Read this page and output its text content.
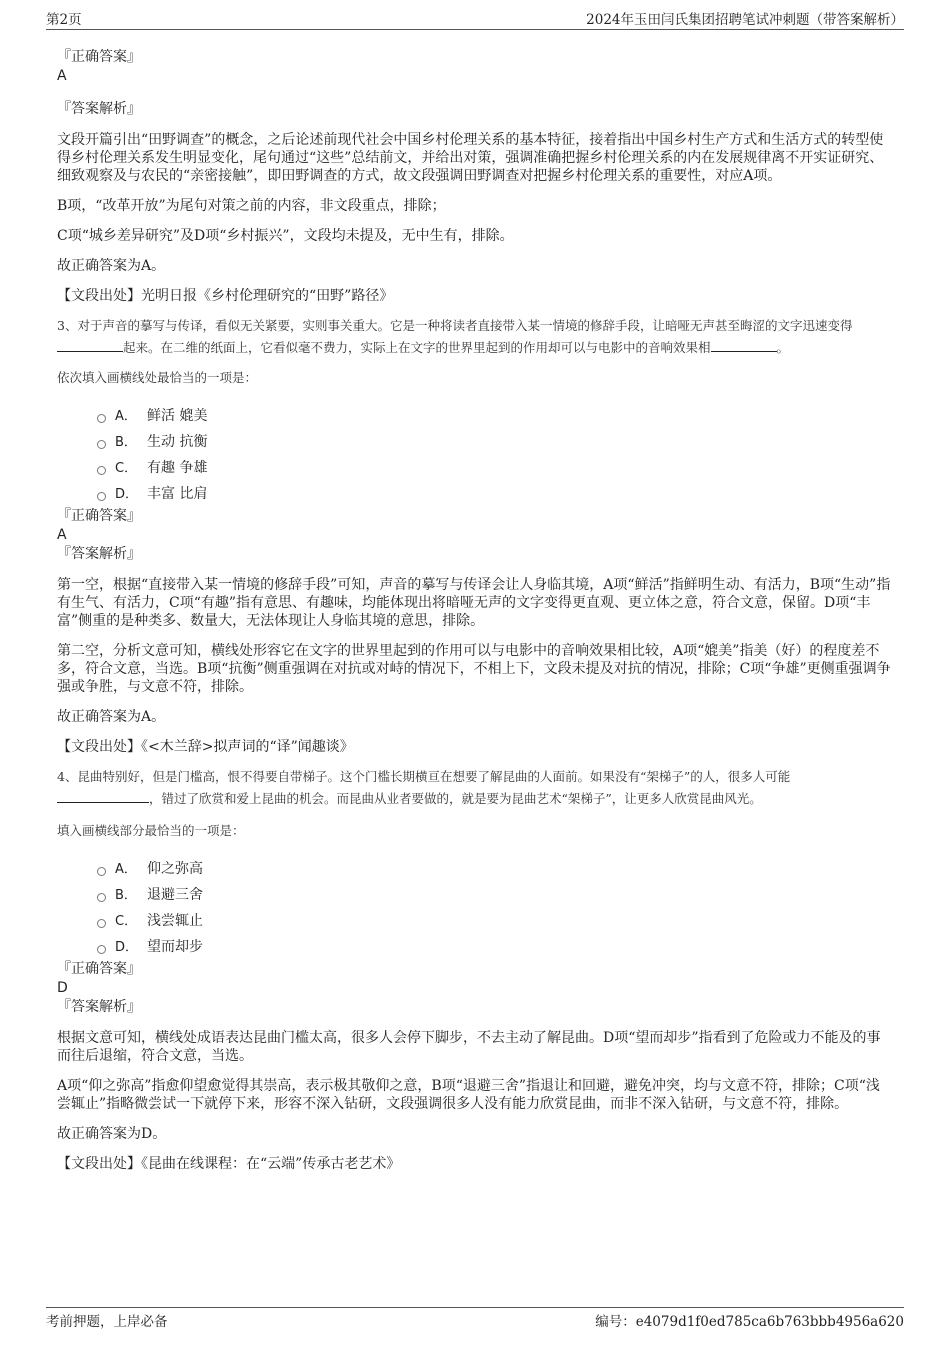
第2页	2024年玉田闫氏集团招聘笔试冲刺题（带答案解析）
『正确答案』
A
『答案解析』

文段开篇引出“田野调查”的概念，之后论述前现代社会中国乡村伦理关系的基本特征，接着指出中国乡村生产方式和生活方式的转型使得乡村伦理关系发生明显变化，尾句通过“这些”总结前文，并给出对策，强调准确把握乡村伦理关系的内在发展规律离不开实证研究、细致观察及与农民的“亲密接触”，即田野调查的方式，故文段强调田野调查对把握乡村伦理关系的重要性，对应A项。

B项，“改革开放”为尾句对策之前的内容，非文段重点，排除；

C项“城乡差异研究”及D项“乡村振兴”，文段均未提及，无中生有，排除。

故正确答案为A。

【文段出处】光明日报《乡村伦理研究的“田野”路径》

3、对于声音的摹写与传译，看似无关紧要，实则事关重大。它是一种将读者直接带入某一情境的修辞手段，让暗哑无声甚至晦涩的文字迅速变得起来。在二维的纸面上，它看似毫不费力，实际上在文字的世界里起到的作用却可以与电影中的音响效果相	。
依次填入画横线处最恰当的一项是：
A． 鲜活 媲美
B． 生动 抗衡
C． 有趣 争雄
D． 丰富 比肩
『正确答案』
A
『答案解析』

第一空，根据“直接带入某一情境的修辞手段”可知，声音的摹写与传译会让人身临其境，A项“鲜活”指鲜明生动、有活力，B项“生动”指有生气、有活力，C项“有趣”指有意思、有趣味，均能体现出将暗哑无声的文字变得更直观、更立体之意，符合文意，保留。D项“丰富”侧重的是种类多、数量大，无法体现让人身临其境的意思，排除。

第二空，分析文意可知，横线处形容它在文字的世界里起到的作用可以与电影中的音响效果相比较，A项“媲美”指美（好）的程度差不多，符合文意，当选。B项“抗衡”侧重强调在对抗或对峙的情况下，不相上下，文段未提及对抗的情况，排除；C项“争雄”更侧重强调争强或争胜，与文意不符，排除。

故正确答案为A。

【文段出处】《<木兰辞>拟声词的“译”闻趣谈》

4、昆曲特别好，但是门槛高，恨不得要自带梯子。这个门槛长期横亘在想要了解昆曲的人面前。如果没有“架梯子”的人，很多人可能
，错过了欣赏和爱上昆曲的机会。而昆曲从业者要做的，就是要为昆曲艺术“架梯子”，让更多人欣赏昆曲风光。
填入画横线部分最恰当的一项是：
A． 仰之弥高
B． 退避三舍
C． 浅尝辄止
D． 望而却步
『正确答案』
D
『答案解析』

根据文意可知，横线处成语表达昆曲门槛太高，很多人会停下脚步，不去主动了解昆曲。D项“望而却步”指看到了危险或力不能及的事而往后退缩，符合文意，当选。

A项“仰之弥高”指愈仰望愈觉得其崇高，表示极其敬仰之意，B项“退避三舍”指退让和回避，避免冲突，均与文意不符，排除；C项“浅尝辄止”指略微尝试一下就停下来，形容不深入钻研，文段强调很多人没有能力欣赏昆曲，而非不深入钻研，与文意不符，排除。

故正确答案为D。

【文段出处】《昆曲在线课程：在“云端”传承古老艺术》

考前押题，上岸必备	编号：e4079d1f0ed785ca6b763bbb4956a620
